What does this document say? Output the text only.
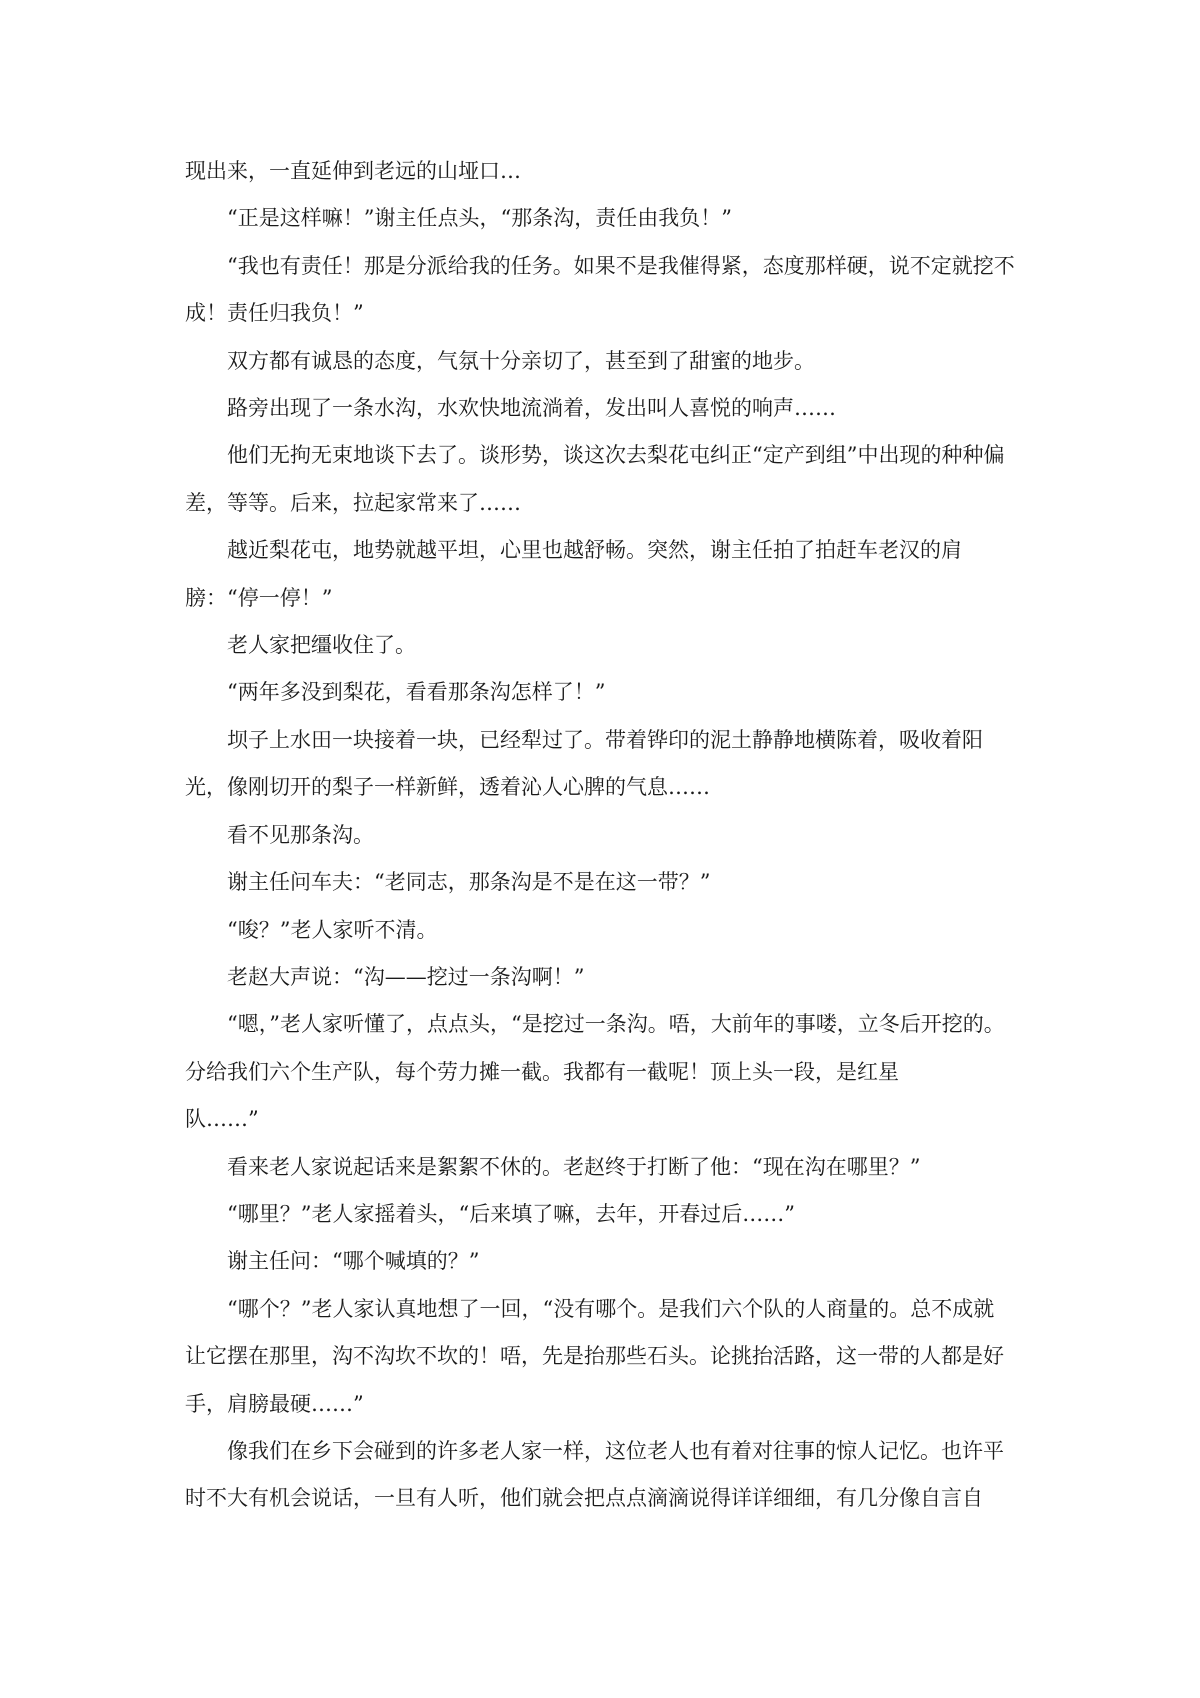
现出来，一直延伸到老远的山垭口…

“正是这样嘛！”谢主任点头，“那条沟，责任由我负！”

“我也有责任！那是分派给我的任务。如果不是我催得紧，态度那样硬，说不定就挖不成！责任归我负！”

双方都有诚恳的态度，气氛十分亲切了，甚至到了甜蜜的地步。

路旁出现了一条水沟，水欢快地流淌着，发出叫人喜悦的响声……

他们无拘无束地谈下去了。谈形势，谈这次去梨花屯纠正“定产到组”中出现的种种偏差，等等。后来，拉起家常来了……

越近梨花屯，地势就越平坦，心里也越舒畅。突然，谢主任拍了拍赶车老汉的肩膀：“停一停！”

老人家把缰收住了。

“两年多没到梨花，看看那条沟怎样了！”

坝子上水田一块接着一块，已经犁过了。带着铧印的泥土静静地横陈着，吸收着阳光，像刚切开的梨子一样新鲜，透着沁人心脾的气息……

看不见那条沟。

谢主任问车夫：“老同志，那条沟是不是在这一带？”

“唆？”老人家听不清。

老赵大声说：“沟——挖过一条沟啊！”

“嗯，”老人家听懂了，点点头，“是挖过一条沟。唔，大前年的事喽，立冬后开挖的。分给我们六个生产队，每个劳力摊一截。我都有一截呢！顶上头一段，是红星

队……”

看来老人家说起话来是絮絮不休的。老赵终于打断了他：“现在沟在哪里？”

“哪里？”老人家摇着头，“后来填了嘛，去年，开春过后……”

谢主任问：“哪个喊填的？”

“哪个？”老人家认真地想了一回，“没有哪个。是我们六个队的人商量的。总不成就让它摆在那里，沟不沟坎不坎的！唔，先是抬那些石头。论挑抬活路，这一带的人都是好手，肩膀最硬……”

像我们在乡下会碰到的许多老人家一样，这位老人也有着对往事的惊人记忆。也许平时不大有机会说话，一旦有人听，他们就会把点点滴滴说得详详细细，有几分像自言自
